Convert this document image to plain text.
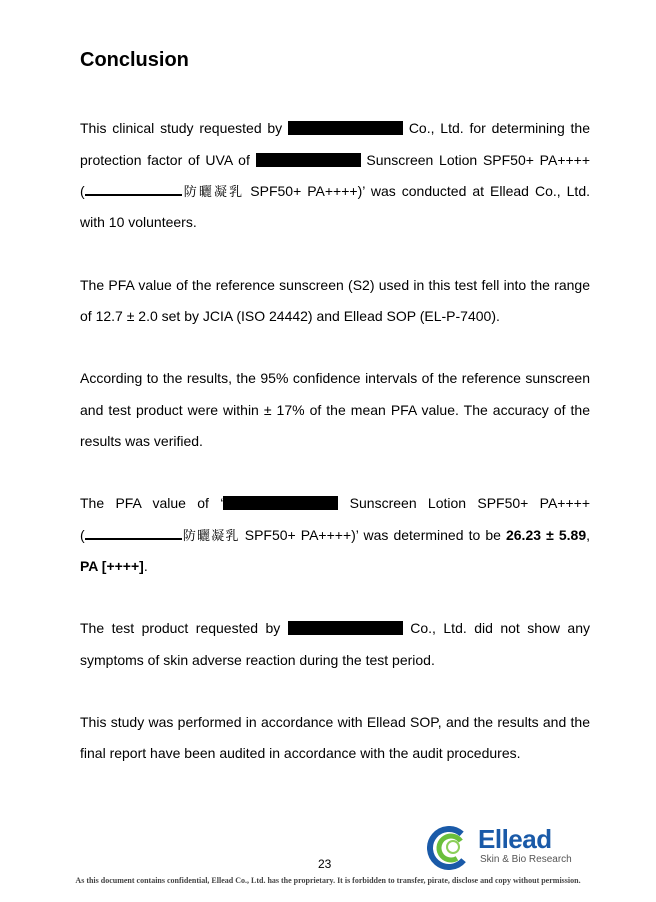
Conclusion
This clinical study requested by	Co., Ltd. for determining the
protection factor of UVA of	Sunscreen Lotion SPF50+ PA++++
(	防曬凝乳 SPF50+ PA++++)’ was conducted at Ellead Co., Ltd.
with 10 volunteers.
The PFA value of the reference sunscreen (S2) used in this test fell into the range
of 12.7 ± 2.0 set by JCIA (ISO 24442) and Ellead SOP (EL-P-7400).
According to the results, the 95% confidence intervals of the reference sunscreen
and test product were within ± 17% of the mean PFA value. The accuracy of the
results was verified.
The PFA value of ‘	Sunscreen Lotion SPF50+ PA++++
(	防曬凝乳 SPF50+ PA++++)’ was determined to be 26.23 ± 5.89,
PA [++++].
The test product requested by	Co., Ltd. did not show any
symptoms of skin adverse reaction during the test period.
This study was performed in accordance with Ellead SOP, and the results and the
final report have been audited in accordance with the audit procedures.
23
Ellead
Skin & Bio Research
As this document contains confidential, Ellead Co., Ltd. has the proprietary. It is forbidden to transfer, pirate, disclose and copy without permission.
